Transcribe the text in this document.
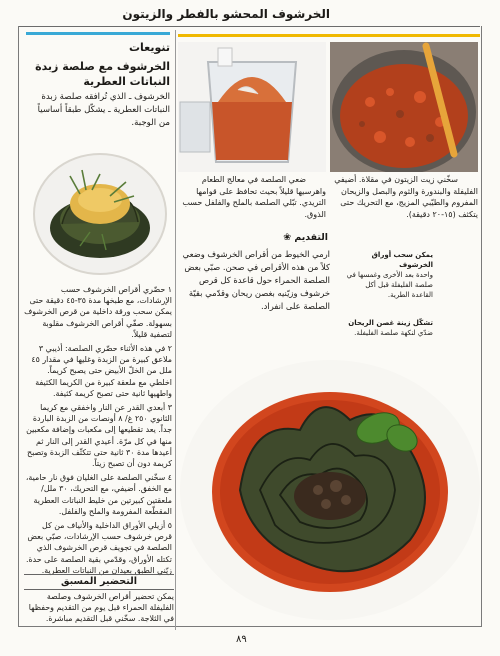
الخرشوف المحشو بالفطر والزيتون
تنويعات
الخرشوف مع صلصة زبدة النباتات العطرية
الخرشوف ـ الذي تُرافقه صلصة زبدة النباتات العطرية ـ يشكّل طبقاً أساسياً من الوجبة.

١ حضّري أقراص الخرشوف حسب الإرشادات، مع طبخها مدة ٣٥-٤٥ دقيقة حتى يمكن سحب ورقة داخلية من قرص الخرشوف بسهولة. صفّي أقراص الخرشوف مقلوبة لتصفية قليلاً.

٢ في هذه الأثناء حضّري الصلصة: أذيبي ٣ ملاعق كبيرة من الزبدة وغليها في مقدار ٤٥ ملل من الخلّ الأبيض حتى يصبح كريماً. اخلطي مع ملعقة كبيرة من الكريما الكثيفة واطهيها ثانية حتى تصبح كريمة كثيفة.

٣ أبعدي القدر عن النار واخفقي مع كريما الثانوي ٢٥٠ غ/ ٨ أونصات من الزبدة الباردة جداً. يعد تقطيعها إلى مكعبات وإضافة مكعبين منها في كل مرّة. أعيدي القدر إلى النار ثم أعيدها مدة ٣٠ ثانية حتى تتكثّف الزبدة وتصبح كريمة دون أن تصبح زيتاً.

٤ سخّني الصلصة على الغليان فوق نار حامية، مع الخفق. أضيفي، مع التحريك، ٣٠ ملل/ ملعقتين كبيرتين من خليط النباتات العطرية المقطّعة المفرومة والملح والفلفل.

٥ أزيلي الأوراق الداخلية والأنياف من كل قرص خرشوف حسب الإرشادات، صبّي بعض الصلصة في تجويف قرص الخرشوف الذي تكتله الأوراق، وقدّمي بقية الصلصة على حدة. زيّني الطبق بعيدان من النباتات العطرية.

التحضير المسبق
يمكن تحضير أقراص الخرشوف وصلصة الفليفلة الحمراء قبل يوم من التقديم وحفظها في الثلاجة. سخّني قبل التقديم مباشرة.
سخّني زيت الزيتون في مقلاة. أضيفي الفليفلة والبندورة والثوم والبصل والزيحان المفروم والطيّبي المزيج، مع التحريك حتى يتكثف (١٥-٢٠ دقيقة).
ضعي الصلصة في معالج الطعام واهرسيها قليلاً بحيث تحافظ على قوامها التريدي. تبّلي الصلصة بالملح والفلفل حسب الذوق.
التقديم ❀
ارمي الخيوط من أقراص الخرشوف وضعي كلاً من هذه الأقراص في صحن. صبّي بعض الصلصة الحمراء حول قاعدة كل قرص خرشوف وزيّنيه بغصن ريحان وقدّمي بقيّة الصلصة على انفراد.
يمكن سحب أوراق الخرشوف
واحدة بعد الأخرى وغمسها في صلصة الفليفلة قبل أكل القاعدة الطرية.
تشكّل زينة غصن الريحان
ضدّي لنكهة صلصة الفليفلة.
٨٩
